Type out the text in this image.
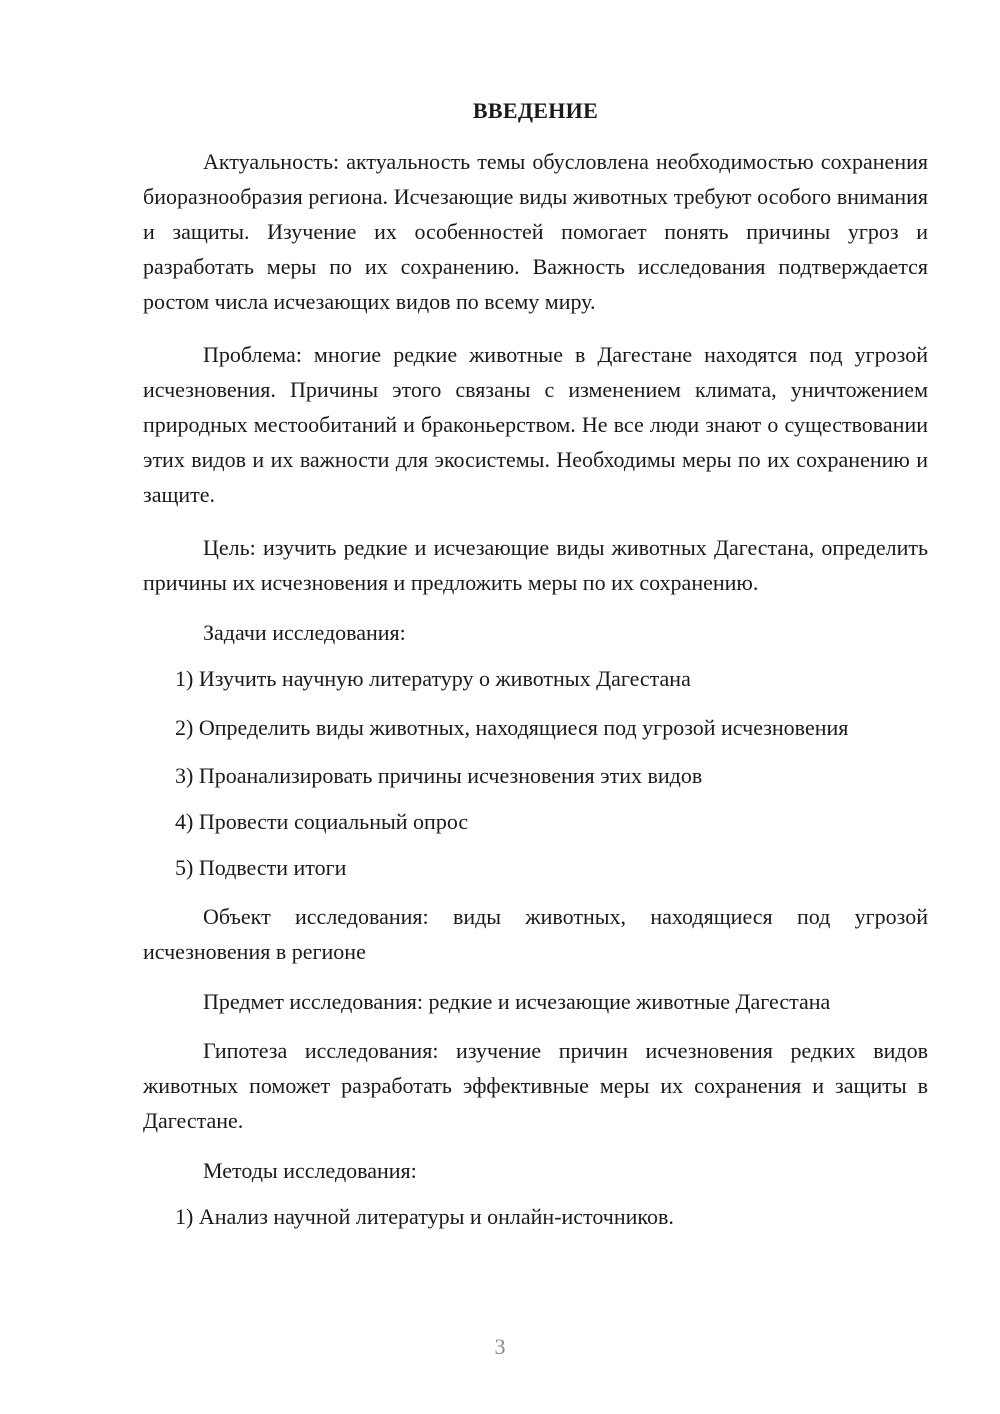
ВВЕДЕНИЕ

Актуальность: актуальность темы обусловлена необходимостью сохранения биоразнообразия региона. Исчезающие виды животных требуют особого внимания и защиты. Изучение их особенностей помогает понять причины угроз и разработать меры по их сохранению. Важность исследования подтверждается ростом числа исчезающих видов по всему миру.

Проблема: многие редкие животные в Дагестане находятся под угрозой исчезновения. Причины этого связаны с изменением климата, уничтожением природных местообитаний и браконьерством. Не все люди знают о существовании этих видов и их важности для экосистемы. Необходимы меры по их сохранению и защите.

Цель: изучить редкие и исчезающие виды животных Дагестана, определить причины их исчезновения и предложить меры по их сохранению.

Задачи исследования:
1) Изучить научную литературу о животных Дагестана
2) Определить виды животных, находящиеся под угрозой исчезновения
3) Проанализировать причины исчезновения этих видов
4) Провести социальный опрос
5) Подвести итоги

Объект исследования: виды животных, находящиеся под угрозой исчезновения в регионе

Предмет исследования: редкие и исчезающие животные Дагестана

Гипотеза исследования: изучение причин исчезновения редких видов животных поможет разработать эффективные меры их сохранения и защиты в Дагестане.

Методы исследования:
1) Анализ научной литературы и онлайн-источников.
3
